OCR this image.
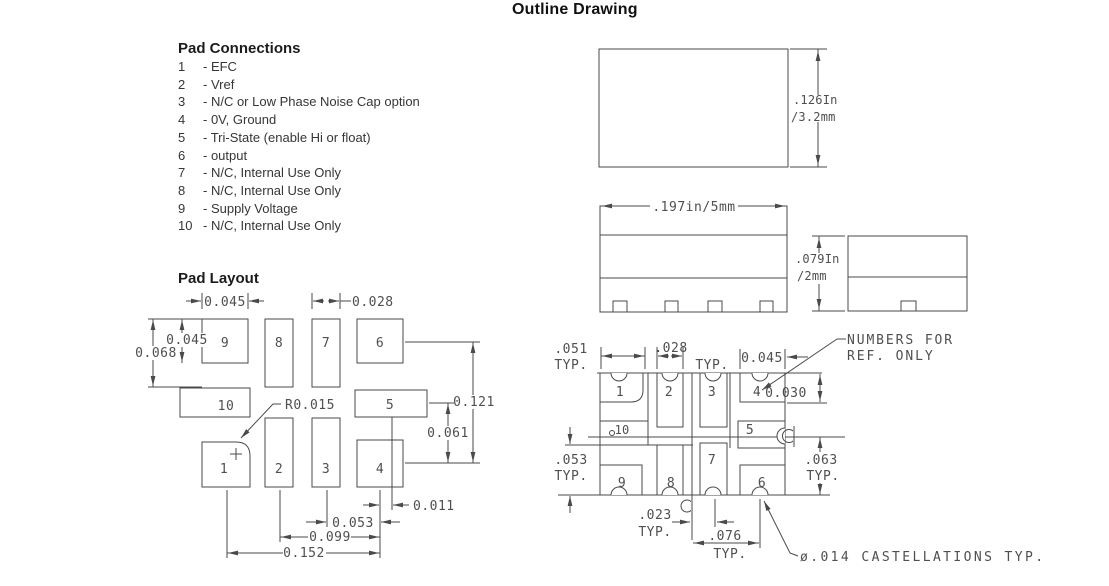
Outline Drawing
Pad Connections
1 - EFC
2 - Vref
3 - N/C or Low Phase Noise Cap option
4 - 0V, Ground
5 - Tri-State (enable Hi or float)
6 - output
7 - N/C, Internal Use Only
8 - N/C, Internal Use Only
9 - Supply Voltage
10 - N/C, Internal Use Only
Pad Layout
.126In
/3.2mm
.197in/5mm
.079In
/2mm
0.045	0.028
0.068
0.045
R0.015	0.121
0.061
0.011
0.053
0.099
0.152
9	8	7	6
10	5
1	2	3	4
.051
TYP.
.028
TYP. 0.045
0.030
.063
TYP.
.053
TYP.
.023
TYP.	.076
TYP.
NUMBERS FOR
REF. ONLY
ø.014 CASTELLATIONS TYP.
1	2	3	4
10	5
9	8
7
6
